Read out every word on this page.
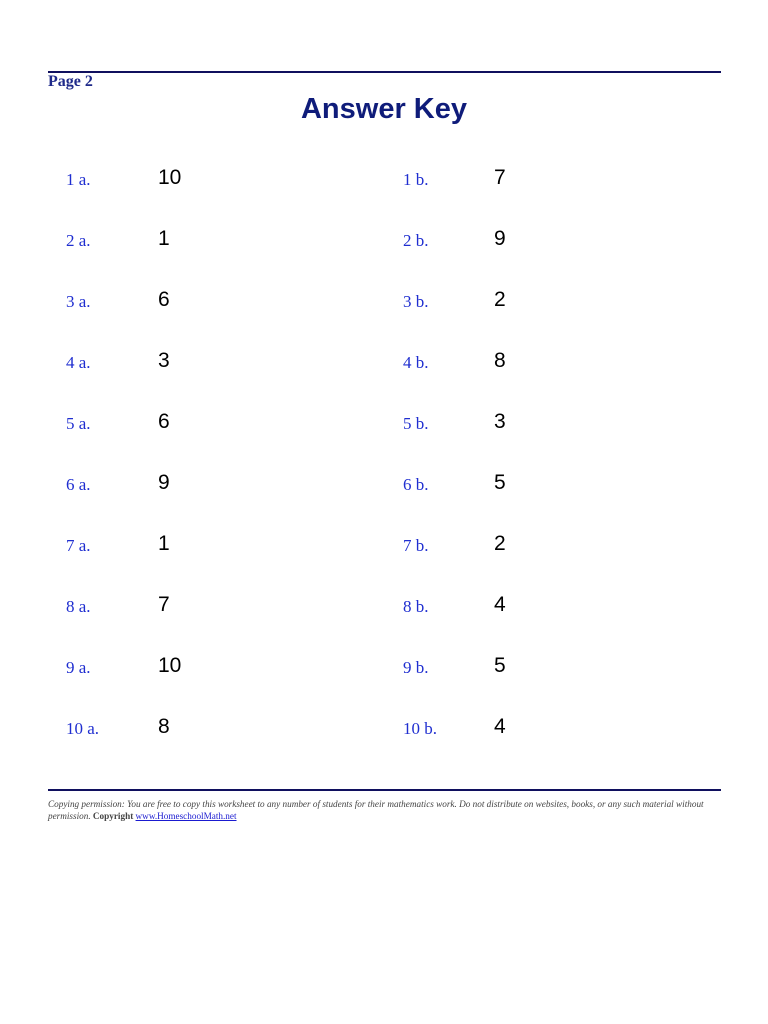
Page 2
Answer Key
1 a.	10	1 b.	7
2 a.	1	2 b.	9
3 a.	6	3 b.	2
4 a.	3	4 b.	8
5 a.	6	5 b.	3
6 a.	9	6 b.	5
7 a.	1	7 b.	2
8 a.	7	8 b.	4
9 a.	10	9 b.	5
10 a.	8	10 b.	4
Copying permission: You are free to copy this worksheet to any number of students for their mathematics work. Do not distribute on websites, books, or any such material without permission. Copyright www.HomeschoolMath.net
